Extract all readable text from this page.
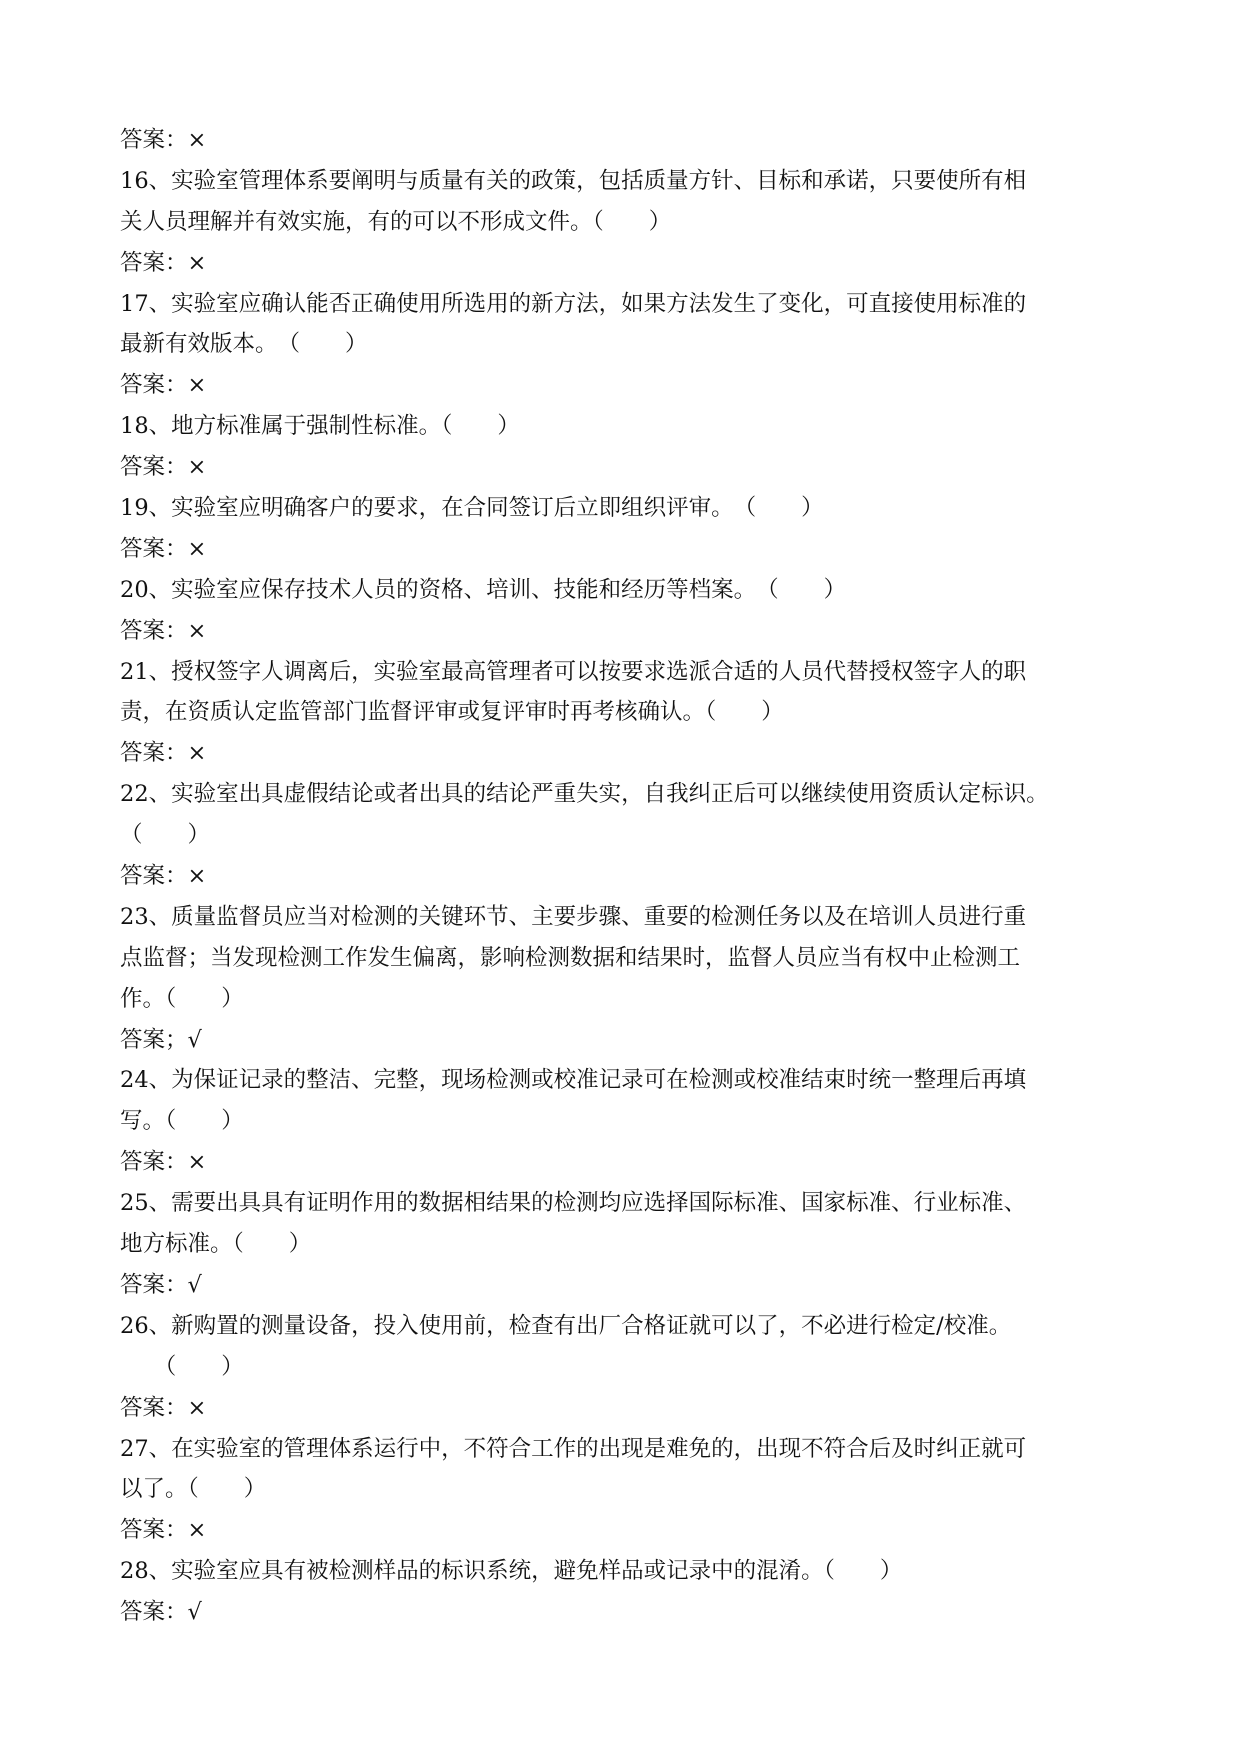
答案：×
16、实验室管理体系要阐明与质量有关的政策，包括质量方针、目标和承诺，只要使所有相
关人员理解并有效实施，有的可以不形成文件。（　　）
答案：×
17、实验室应确认能否正确使用所选用的新方法，如果方法发生了变化，可直接使用标准的
最新有效版本。　（　　）
答案：×
18、地方标准属于强制性标准。（　　）
答案：×
19、实验室应明确客户的要求，在合同签订后立即组织评审。　（　　）
答案：×
20、实验室应保存技术人员的资格、培训、技能和经历等档案。　（　　）
答案：×
21、授权签字人调离后，实验室最高管理者可以按要求选派合适的人员代替授权签字人的职
责，在资质认定监管部门监督评审或复评审时再考核确认。（　　）
答案：×
22、实验室出具虚假结论或者出具的结论严重失实，自我纠正后可以继续使用资质认定标识。
（　　）
答案：×
23、质量监督员应当对检测的关键环节、主要步骤、重要的检测任务以及在培训人员进行重
点监督；当发现检测工作发生偏离，影响检测数据和结果时，监督人员应当有权中止检测工
作。（　　）
答案；√
24、为保证记录的整洁、完整，现场检测或校准记录可在检测或校准结束时统一整理后再填
写。（　　）
答案：×
25、需要出具具有证明作用的数据相结果的检测均应选择国际标准、国家标准、行业标准、
地方标准。（　　）
答案：√
26、新购置的测量设备，投入使用前，检查有出厂合格证就可以了，不必进行检定/校准。
　　（　　）
答案：×
27、在实验室的管理体系运行中，不符合工作的出现是难免的，出现不符合后及时纠正就可
以了。（　　）
答案：×
28、实验室应具有被检测样品的标识系统，避免样品或记录中的混淆。（　　）
答案：√
